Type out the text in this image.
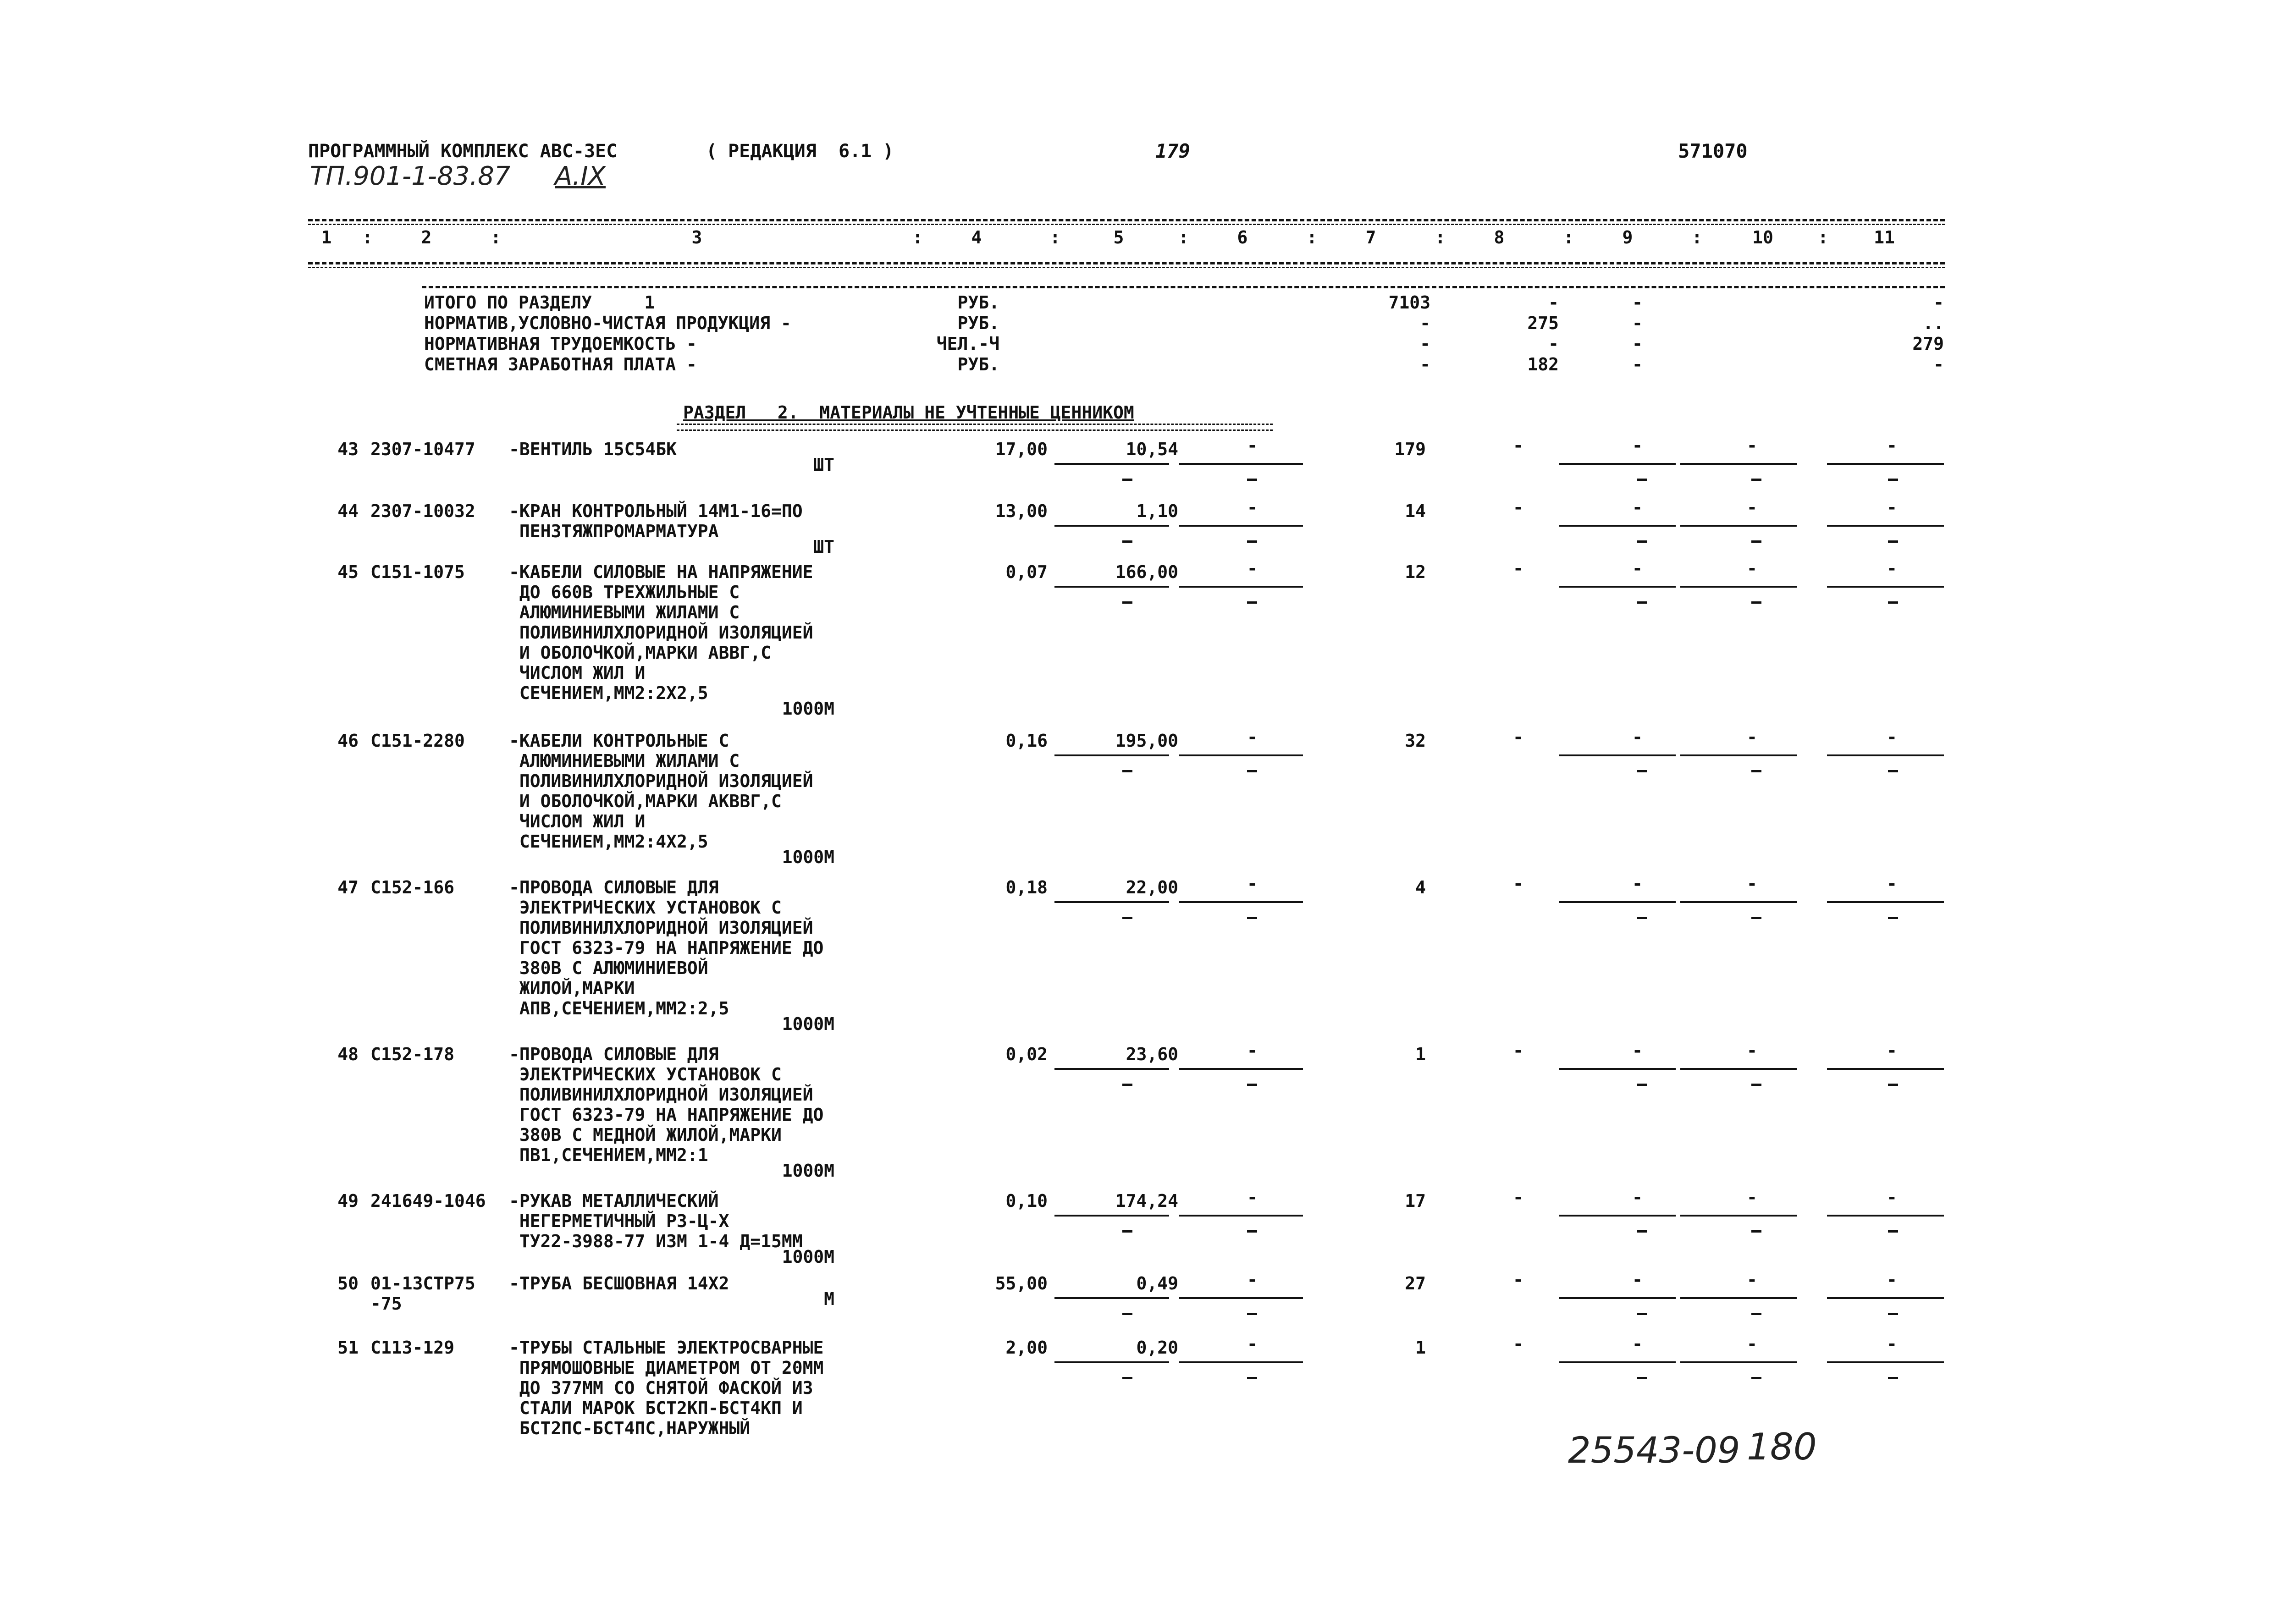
ПРОГРАММНЫЙ КОМПЛЕКС АВС-3ЕС	( РЕДАКЦИЯ  6.1 )	179	571070
ТП.901-1-83.87 А.IX
1	2	3	4	5	6	7	8	9	10	11
:	:	:	:	:	:	:	:	:	:
ИТОГО ПО РАЗДЕЛУ     1	РУБ.	7103	-	-	-
НОРМАТИВ,УСЛОВНО-ЧИСТАЯ ПРОДУКЦИЯ -	РУБ.	-	275	-	..
НОРМАТИВНАЯ ТРУДОЕМКОСТЬ -	ЧЕЛ.-Ч	-	-	-	279
СМЕТНАЯ ЗАРАБОТНАЯ ПЛАТА -	РУБ.	-	182	-	-
РАЗДЕЛ   2.  МАТЕРИАЛЫ НЕ УЧТЕННЫЕ ЦЕННИКОМ
43 2307-10477 -ВЕНТИЛЬ 15С54БК
ШТ
17,00	10,54	-	179	-	-	-	-
44 2307-10032 -КРАН КОНТРОЛЬНЫЙ 14М1-16=ПО
ПЕНЗТЯЖПРОМАРМАТУРА
ШТ
13,00	1,10	-	14	-	-	-	-
45 С151-1075	-КАБЕЛИ СИЛОВЫЕ НА НАПРЯЖЕНИЕ
ДО 660В ТРЕХЖИЛЬНЫЕ С
АЛЮМИНИЕВЫМИ ЖИЛАМИ С
ПОЛИВИНИЛХЛОРИДНОЙ ИЗОЛЯЦИЕЙ
И ОБОЛОЧКОЙ,МАРКИ АВВГ,С
ЧИСЛОМ ЖИЛ И
СЕЧЕНИЕМ,ММ2:2Х2,5
1000М
0,07	166,00	-	12	-	-	-	-
46 С151-2280	-КАБЕЛИ КОНТРОЛЬНЫЕ С
АЛЮМИНИЕВЫМИ ЖИЛАМИ С
ПОЛИВИНИЛХЛОРИДНОЙ ИЗОЛЯЦИЕЙ
И ОБОЛОЧКОЙ,МАРКИ АКВВГ,С
ЧИСЛОМ ЖИЛ И
СЕЧЕНИЕМ,ММ2:4Х2,5
1000М
0,16	195,00	-	32	-	-	-	-
47 С152-166	-ПРОВОДА СИЛОВЫЕ ДЛЯ
ЭЛЕКТРИЧЕСКИХ УСТАНОВОК С
ПОЛИВИНИЛХЛОРИДНОЙ ИЗОЛЯЦИЕЙ
ГОСТ 6323-79 НА НАПРЯЖЕНИЕ ДО
380В С АЛЮМИНИЕВОЙ
ЖИЛОЙ,МАРКИ
АПВ,СЕЧЕНИЕМ,ММ2:2,5
1000М
0,18	22,00	-	4	-	-	-	-
48 С152-178	-ПРОВОДА СИЛОВЫЕ ДЛЯ
ЭЛЕКТРИЧЕСКИХ УСТАНОВОК С
ПОЛИВИНИЛХЛОРИДНОЙ ИЗОЛЯЦИЕЙ
ГОСТ 6323-79 НА НАПРЯЖЕНИЕ ДО
380В С МЕДНОЙ ЖИЛОЙ,МАРКИ
ПВ1,СЕЧЕНИЕМ,ММ2:1
1000М
0,02	23,60	-	1	-	-	-	-
49 241649-1046 -РУКАВ МЕТАЛЛИЧЕСКИЙ
НЕГЕРМЕТИЧНЫЙ Р3-Ц-Х
ТУ22-3988-77 ИЗМ 1-4 Д=15ММ
1000М
0,10	174,24	-	17	-	-	-	-
50 01-13СТР75
-75
-ТРУБА БЕСШОВНАЯ 14Х2
М
55,00	0,49	-	27	-	-	-	-
51 С113-129	-ТРУБЫ СТАЛЬНЫЕ ЭЛЕКТРОСВАРНЫЕ
ПРЯМОШОВНЫЕ ДИАМЕТРОМ ОТ 20ММ
ДО 377ММ СО СНЯТОЙ ФАСКОЙ ИЗ
СТАЛИ МАРОК БСТ2КП-БСТ4КП И
БСТ2ПС-БСТ4ПС,НАРУЖНЫЙ
2,00	0,20	-	1	-	-	-	-
25543-09 180
